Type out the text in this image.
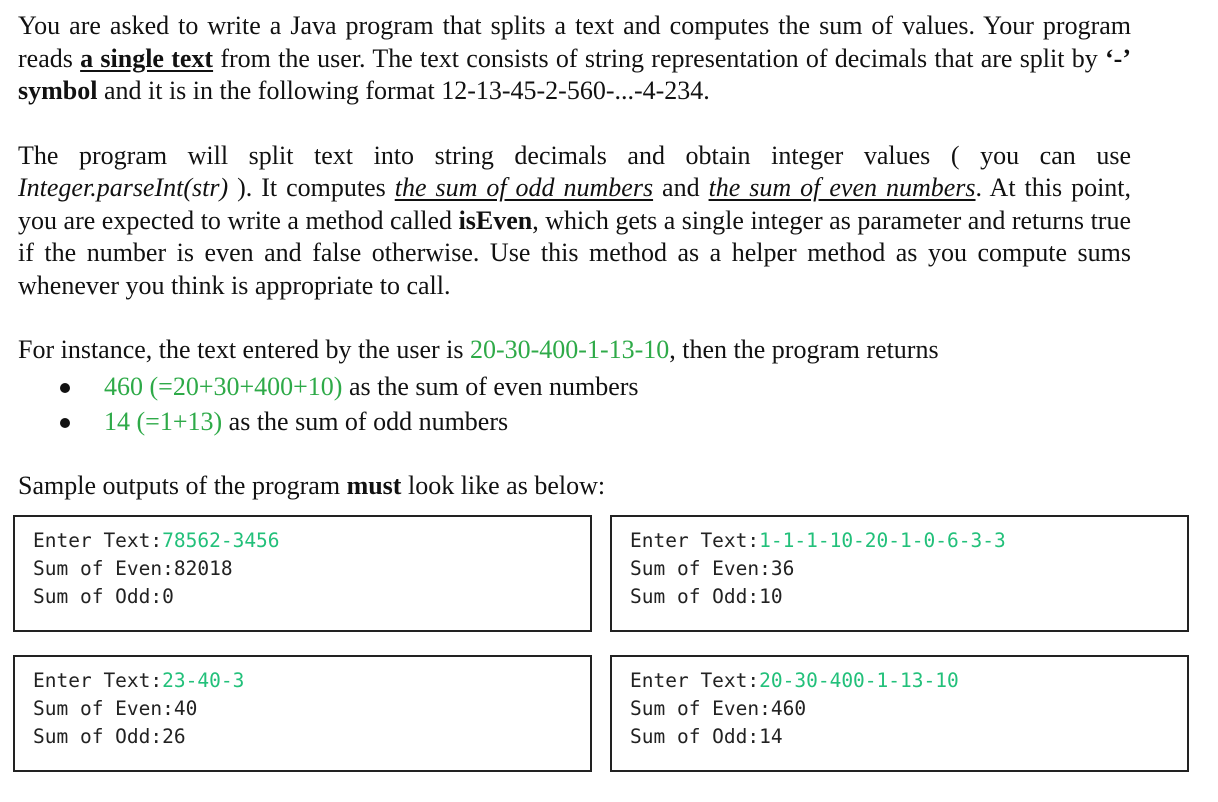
You are asked to write a Java program that splits a text and computes the sum of values. Your program reads a single text from the user. The text consists of string representation of decimals that are split by ‘-’ symbol and it is in the following format 12-13-45-2-560-...-4-234.

The program will split text into string decimals and obtain integer values ( you can use Integer.parseInt(str) ). It computes the sum of odd numbers and the sum of even numbers. At this point, you are expected to write a method called isEven, which gets a single integer as parameter and returns true if the number is even and false otherwise. Use this method as a helper method as you compute sums whenever you think is appropriate to call.

For instance, the text entered by the user is 20-30-400-1-13-10, then the program returns

460 (=20+30+400+10) as the sum of even numbers
14 (=1+13) as the sum of odd numbers

Sample outputs of the program must look like as below:

Enter Text:78562-3456
Sum of Even:82018
Sum of Odd:0
Enter Text:1-1-1-10-20-1-0-6-3-3
Sum of Even:36
Sum of Odd:10
Enter Text:23-40-3
Sum of Even:40
Sum of Odd:26
Enter Text:20-30-400-1-13-10
Sum of Even:460
Sum of Odd:14
